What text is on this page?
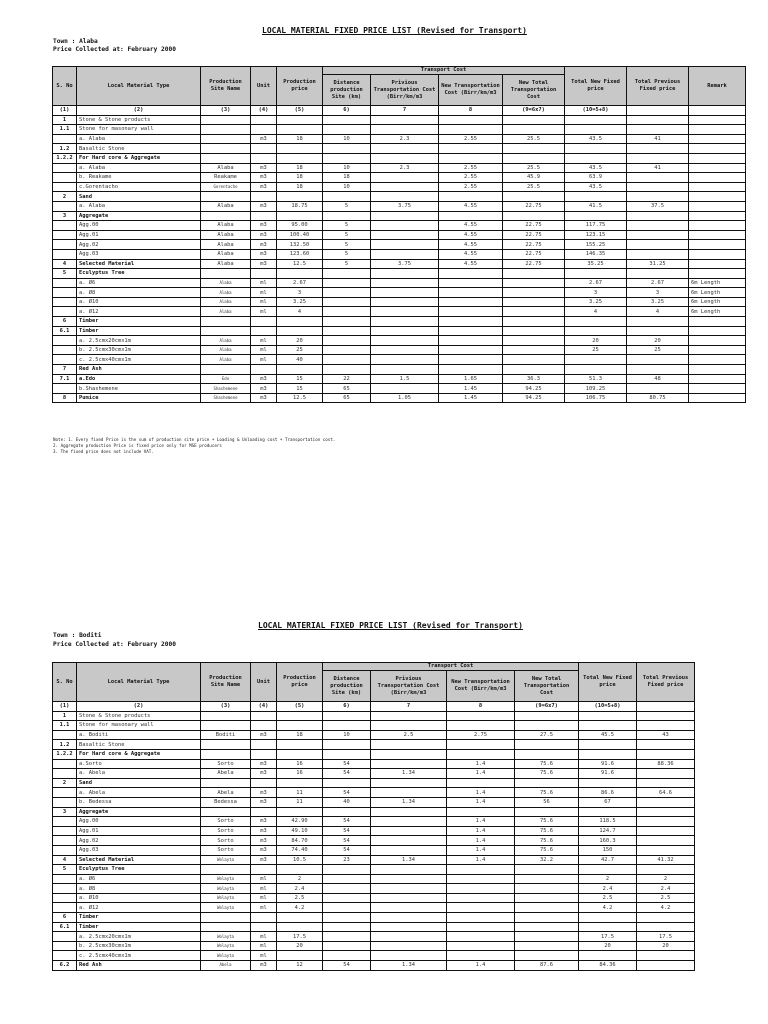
LOCAL MATERIAL FIXED PRICE LIST (Revised for Transport)
Town : Alaba
Price Collected at: February 2000
S. No	Local Material Type	Production Site Name	Unit	Production price	Transport Cost				Total New Fixed price	Total Previous Fixed price	Remark
					Distance production Site (km)	Privious Transportation Cost (Birr/km/m3	New Transportation Cost (Birr/km/m3	New Total Transportation Cost			
(1)	(2)	(3)	(4)	(5)	6)	7	8	(9=6x7)	(10=5+8)		
1	Stone & Stone products										
1.1	Stone for masonary wall										
	a. Alaba		m3	18	10	2.3	2.55	25.5	43.5	41	
1.2	Basaltic Stone										
1.2.2	For Hard core & Aggregate										
	a. Alaba	Alaba	m3	18	10	2.3	2.55	25.5	43.5	41	
	b. Reakame	Reakame	m3	18	18		2.55	45.9	63.9		
	c.Gorentacho	Gorentacho	m3	18	10		2.55	25.5	43.5		
2	Sand										
	a. Alaba	Alaba	m3	18.75	5	3.75	4.55	22.75	41.5	37.5	
3	Aggregate										
	Agg.00	Alaba	m3	95.00	5		4.55	22.75	117.75		
	Agg.01	Alaba	m3	100.40	5		4.55	22.75	123.15		
	Agg.02	Alaba	m3	132.50	5		4.55	22.75	155.25		
	Agg.03	Alaba	m3	123.60	5		4.55	22.75	146.35		
4	Selected Material	Alaba	m3	12.5	5	3.75	4.55	22.75	35.25	31.25	
5	Eculyptus Tree										
	a. Ø6	Alaba	ml	2.67					2.67	2.67	6m Length
	a. Ø8	Alaba	ml	3					3	3	6m Length
	a. Ø10	Alaba	ml	3.25					3.25	3.25	6m Length
	a. Ø12	Alaba	ml	4					4	4	6m Length
6	Timber										
6.1	Timber										
	a. 2.5cmx20cmx1m	Alaba	ml	20					20	20	
	b. 2.5cmx30cmx1m	Alaba	ml	25					25	25	
	c. 2.5cmx40cmx1m	Alaba	ml	40							
7	Red Ash										
7.1	a.Edo	Edo	m3	15	22	1.5	1.65	36.3	51.3	48	
	b.Shashemene	Shashemene	m3	15	65		1.45	94.25	109.25		
8	Pumice	Shashemene	m3	12.5	65	1.05	1.45	94.25	106.75	80.75	
Note: 1. Every fixed Price is the sum of production site price + Loading & Unloading cost + Transportation cost.
2. Aggregate production Price is fixed price only for MSE producers
3. The fixed price does not include VAT.
LOCAL MATERIAL FIXED PRICE LIST (Revised for Transport)
Town : Boditi
Price Collected at: February 2000
S. No	Local Material Type	Production Site Name	Unit	Production price	Transport Cost				Total New Fixed price	Total Previous Fixed price
					Distance production Site (km)	Privious Transportation Cost (Birr/km/m3	New Transportation Cost (Birr/km/m3	New Total Transportation Cost		
(1)	(2)	(3)	(4)	(5)	6)	7	8	(9=6x7)	(10=5+8)	
1	Stone & Stone products									
1.1	Stone for masonary wall									
	a. Boditi	Boditi	m3	18	10	2.5	2.75	27.5	45.5	43
1.2	Basaltic Stone									
1.2.2	For Hard core & Aggregate									
	a.Sorto	Sorto	m3	16	54		1.4	75.6	91.6	88.36
	a. Abela	Abela	m3	16	54	1.34	1.4	75.6	91.6	
2	Sand									
	a. Abela	Abela	m3	11	54		1.4	75.6	86.6	64.6
	b. Bedessa	Bedessa	m3	11	40	1.34	1.4	56	67	
3	Aggregate									
	Agg.00	Sorto	m3	42.90	54		1.4	75.6	118.5	
	Agg.01	Sorto	m3	49.10	54		1.4	75.6	124.7	
	Agg.02	Sorto	m3	84.70	54		1.4	75.6	160.3	
	Agg.03	Sorto	m3	74.40	54		1.4	75.6	150	
4	Selected Material	Wolayta	m3	10.5	23	1.34	1.4	32.2	42.7	41.32
5	Eculyptus Tree									
	a. Ø6	Wolayta	ml	2					2	2
	a. Ø8	Wolayta	ml	2.4					2.4	2.4
	a. Ø10	Wolayta	ml	2.5					2.5	2.5
	a. Ø12	Wolayta	ml	4.2					4.2	4.2
6	Timber									
6.1	Timber									
	a. 2.5cmx20cmx1m	Wolayta	ml	17.5					17.5	17.5
	b. 2.5cmx30cmx1m	Wolayta	ml	20					20	20
	c. 2.5cmx40cmx1m	Wolayta	ml							
6.2	Red Ash	Abela	m3	12	54	1.34	1.4	87.6	84.36	
